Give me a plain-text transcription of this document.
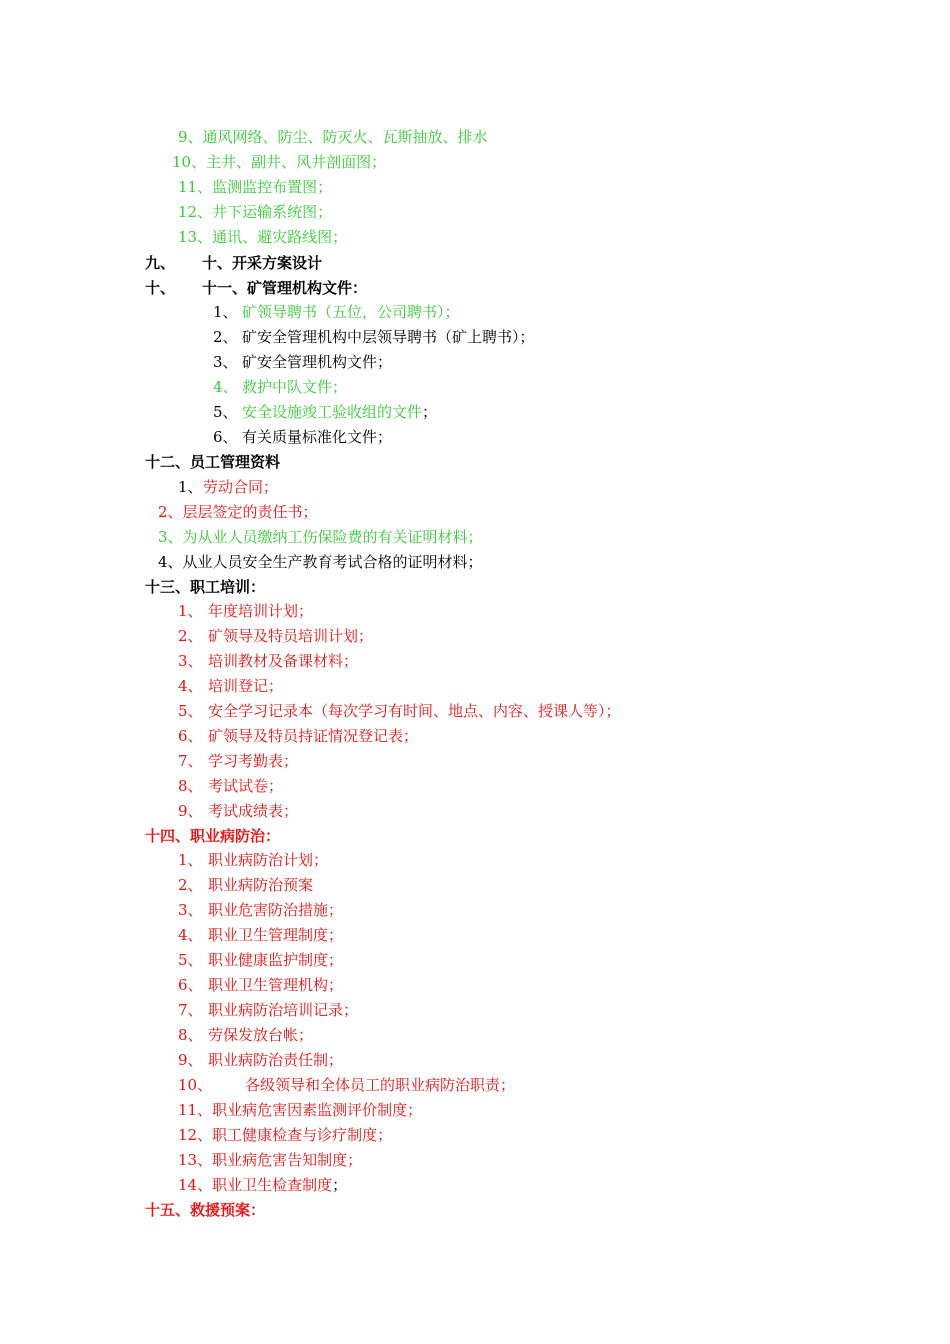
9、通风网络、防尘、防灭火、瓦斯抽放、排水
10、主井、副井、风井剖面图；
11、监测监控布置图；
12、井下运输系统图；
13、通讯、避灾路线图；
九、 十、开采方案设计
十、 十一、矿管理机构文件：
1、 矿领导聘书（五位，公司聘书）；
2、 矿安全管理机构中层领导聘书（矿上聘书）；
3、 矿安全管理机构文件；
4、 救护中队文件；
5、 安全设施竣工验收组的文件；
6、 有关质量标准化文件；
十二、员工管理资料
1、 劳动合同；
2、层层签定的责任书；
3、为从业人员缴纳工伤保险费的有关证明材料；
4、从业人员安全生产教育考试合格的证明材料；
十三、职工培训：
1、 年度培训计划；
2、 矿领导及特员培训计划；
3、 培训教材及备课材料；
4、 培训登记；
5、 安全学习记录本（每次学习有时间、地点、内容、授课人等）；
6、 矿领导及特员持证情况登记表；
7、 学习考勤表；
8、 考试试卷；
9、 考试成绩表；
十四、职业病防治：
1、 职业病防治计划；
2、 职业病防治预案
3、 职业危害防治措施；
4、 职业卫生管理制度；
5、 职业健康监护制度；
6、 职业卫生管理机构；
7、 职业病防治培训记录；
8、 劳保发放台帐；
9、 职业病防治责任制；
10、 各级领导和全体员工的职业病防治职责；
11、职业病危害因素监测评价制度；
12、职工健康检查与诊疗制度；
13、职业病危害告知制度；
14、职业卫生检查制度；
十五、救援预案：
